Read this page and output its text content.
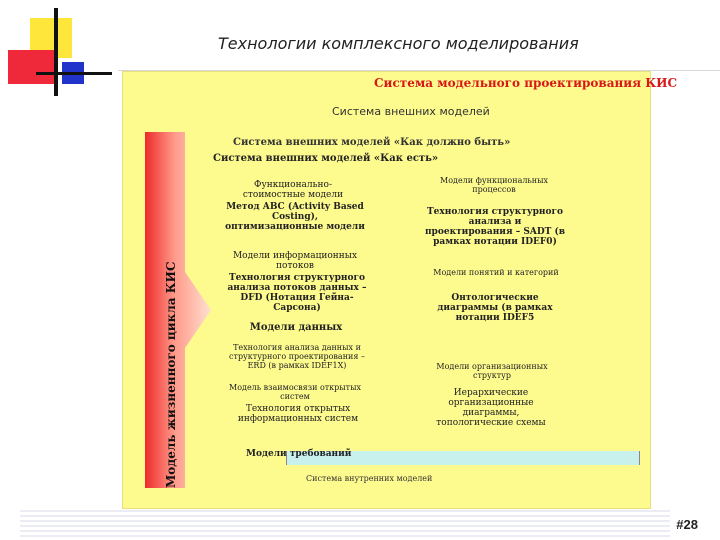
Технологии комплексного моделирования
Система модельного проектирования КИС
Система внешних моделей
Система внешних моделей «Как должно быть»
Система внешних моделей «Как есть»
Модель жизненного цикла КИС
Функционально-стоимостные модели
Метод АВС (Activity Based Costing), оптимизационные модели
Модели информационных потоков
Технология структурного анализа потоков данных – DFD (Нотация Гейна-Сарсона)
Модели данных
Технология анализа данных и структурного проектирования – ERD (в рамках IDEF1X)
Модель взаимосвязи открытых систем
Технология открытых информационных систем
Модели функциональных процессов
Технология структурного анализа и проектирования – SADT (в рамках нотации IDEF0)
Модели понятий и категорий
Онтологические диаграммы (в рамках нотации IDEF5
Модели организационных структур
Иерархические организационные диаграммы, топологические схемы
Модели требований
Система внутренних моделей
#28
